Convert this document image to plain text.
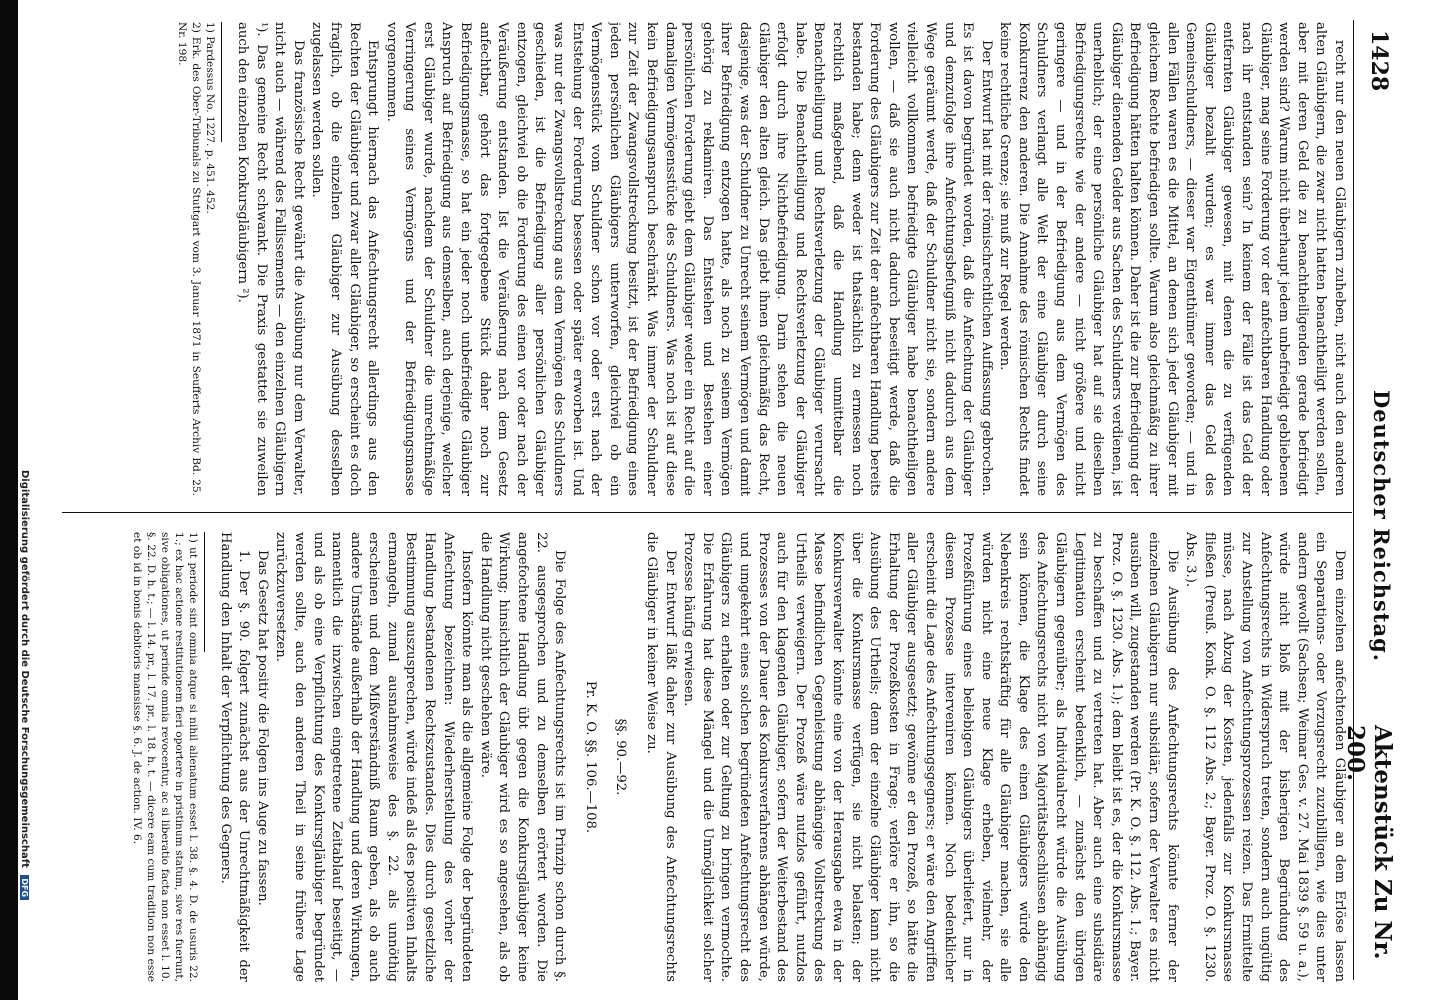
1428
Deutscher Reichstag.
Aktenstück Zu Nr. 200.

recht nur den neuen Gläubigern zuheben, nicht auch den anderen alten Gläubigern, die zwar nicht hatten benachtheiligt werden sollen, aber mit deren Geld die zu benachtheiligenden gerade befriedigt werden sind? Warum nicht überhaupt jedem unbefriedigt gebliebenen Gläubiger, mag seine Forderung vor der anfechtbaren Handlung oder nach ihr entstanden sein? In keinem der Fälle ist das Geld der entfernten Gläubiger gewesen, mit denen die zu verfügenden Gläubiger bezahlt wurden; es war immer das Geld des Gemeinschuldners, — dieser war Eigenthümer geworden; — und in allen Fällen waren es die Mittel, an denen sich jeder Gläubiger mit gleichem Rechte befriedigen sollte. Warum also gleichmäßig zu ihrer Befriedigung hätten halten können. Daher ist die zur Befriedigung der Gläubiger dienenden Gelder aus Sachen des Schuldners verdienen, ist unerheblich; der eine persönliche Gläubiger hat auf sie dieselben Befriedigungsrechte wie der andere — nicht größere und nicht geringere — und in der Befriedigung aus dem Vermögen des Schuldners verlangt alle Welt der eine Gläubiger durch seine Konkurrenz den anderen. Die Annahme des römischen Rechts findet keine rechtliche Grenze; sie muß zur Regel werden.

Der Entwurf hat mit der römischrechtlichen Auffassung gebrochen. Es ist davon begründet worden, daß die Anfechtung der Gläubiger und demzufolge ihre Anfechtungsbefugniß nicht dadurch aus dem Wege geräumt werde, daß der Schuldner nicht sie, sondern andere vielleicht vollkommen befriedigte Gläubiger habe benachtheiligen wollen, — daß sie auch nicht dadurch beseitigt werde, daß die Forderung des Gläubigers zur Zeit der anfechtbaren Handlung bereits bestanden habe; denn weder ist thatsächlich zu ermessen noch rechtlich maßgebend, daß die Handlung unmittelbar die Benachtheiligung und Rechtsverletzung der Gläubiger verursacht habe. Die Benachtheiligung und Rechtsverletzung der Gläubiger erfolgt durch ihre Nichtbefriedigung. Darin stehen die neuen Gläubiger den alten gleich. Das giebt ihnen gleichmäßig das Recht, dasjenige, was der Schuldner zu Unrecht seinem Vermögen und damit ihrer Befriedigung entzogen hatte, als noch zu seinem Vermögen gehörig zu reklamiren. Das Entstehen und Bestehen einer persönlichen Forderung giebt dem Gläubiger weder ein Recht auf die damaligen Vermögensstücke des Schuldners. Was noch ist auf diese kein Befriedigungsanspruch beschränkt. Was immer der Schuldner zur Zeit der Zwangsvollstreckung besitzt, ist der Befriedigung eines jeden persönlichen Gläubigers unterworfen, gleichviel ob ein Vermögensstück vom Schuldner schon vor oder erst nach der Entstehung der Forderung besessen oder später erworben ist. Und was nur der Zwangsvollstreckung aus dem Vermögen des Schuldners geschieden, ist die Befriedigung aller persönlichen Gläubiger entzogen, gleichviel ob die Forderung des einen vor oder nach der Veräußerung entstanden. Ist die Veräußerung nach dem Gesetz anfechtbar, gehört das fortgegebene Stück daher noch zur Befriedigungsmasse, so hat ein jeder noch unbefriedigte Gläubiger Anspruch auf Befriedigung aus demselben, auch derjenige, welcher erst Gläubiger wurde, nachdem der Schuldner die unrechtmäßige Verringerung seines Vermögens und der Befriedigungsmasse vorgenommen.

Entsprungt hiernach das Anfechtungsrecht allerdings aus den Rechten der Gläubiger und zwar aller Gläubiger, so erscheint es doch fraglich, ob die einzelnen Gläubiger zur Ausübung desselben zugelassen werden sollen.

Das französische Recht gewährt die Ausübung nur dem Verwalter, nicht auch — während des Fallissements — den einzelnen Gläubigern ¹). Das gemeine Recht schwankt. Die Praxis gestattet sie zuweilen auch den einzelnen Konkursgläubigern ²).

1) Pardessus No. 1227. p. 451. 452.

2) Erk. des Ober-Tribunals zu Stuttgart vom 3. Januar 1871 in Seufferts Archiv Bd. 25. Nr. 198.

Dem einzelnen anfechtenden Gläubiger an dem Erlöse lassen ein Separations- oder Vorzugsrecht zuzubilligen, wie dies unter andern gewollt (Sachsen; Weimar Ges. v. 27. Mai 1839 §. 59 u. a.), würde nicht bloß mit der bisherigen Begründung des Anfechtungsrechts in Widerspruch treten, sondern auch ungültig zur Anstellung von Anfechtungsprozessen reizen. Das Ermittelte müsse, nach Abzug der Kosten, jedenfalls zur Konkursmasse fließen (Preuß. Konk. O. §. 112 Abs. 2.; Bayer. Proz. O. §. 1230. Abs. 3.).

Die Ausübung des Anfechtungsrechts könnte ferner der einzelnen Gläubigern nur subsidiär, sofern der Verwalter es nicht ausüben will, zugestanden werden (Pr. K. O. §. 112. Abs. 1.; Bayer. Proz. O. §. 1230. Abs. 1.); dem bleibt ist es, der die Konkursmasse zu beschaffen und zu vertreten hat. Aber auch eine subsidiäre Legitimation erscheint bedenklich, — zunächst den übrigen Gläubigern gegenüber; als Individualrecht würde die Ausübung des Anfechtungsrechts nicht von Majoritätsbeschlüssen abhängig sein können, die Klage des einen Gläubigers würde den Nebenkreis rechtskräftig für alle Gläubiger machen, sie alle würden nicht eine neue Klage erheben, vielmehr, der Prozeßführung eines beliebigen Gläubigers überliefert, nur in diesem Prozesse interveniren können. Noch bedenklicher erscheint die Lage des Anfechtungsgegners; er wäre den Angriffen aller Gläubiger ausgesetzt; gewönne er den Prozeß, so hätte die Erhaltung der Prozeßkosten in Frage; verlöre er ihn, so die Ausübung des Urtheils; denn der einzelne Gläubiger kann nicht über die Konkursmasse verfügen, sie nicht belasten; der Konkursverwalter könnte eine von der Herausgabe etwa in der Masse befindlichen Gegenleistung abhängige Vollstreckung des Urtheils verweigern. Der Prozeß wäre nutzlos geführt, nutzlos auch für den klagenden Gläubiger, sofern der Weiterbestand des Prozesses von der Dauer des Konkursverfahrens abhängen würde, und umgekehrt eines solchen begründeten Anfechtungsrecht des Gläubigers zu erhalten oder zur Geltung zu bringen vermochte. Die Erfahrung hat diese Mängel und die Unmöglichkeit solcher Prozesse häufig erwiesen.

Der Entwurf läßt daher zur Ausübung des Anfechtungsrechts die Gläubiger in keiner Weise zu.

§§. 90.—92.

Pr. K. O. §§. 106.—108.

Die Folge des Anfechtungsrechts ist im Prinzip schon durch §. 22. ausgesprochen und zu demselben erörtert worden. Die angefochtene Handlung übt gegen die Konkursgläubiger keine Wirkung; hinsichtlich der Gläubiger wird es so angesehen, als ob die Handlung nicht geschehen wäre.

Insofern könnte man als die allgemeine Folge der begründeten Anfechtung bezeichnen: Wiederherstellung des vorher der Handlung bestandenen Rechtszustandes. Dies durch gesetzliche Bestimmung auszusprechen, würde indeß als des positiven Inhalts ermangeln, zumal ausnahmsweise des §. 22. als unnöthig erscheinen und dem Mißverständniß Raum geben, als ob auch andere Umstände außerhalb der Handlung und deren Wirkungen, namentlich die inzwischen eingetretene Zeitablauf beseitigt, — und als ob eine Verpflichtung des Konkursgläubiger begründet werden sollte, auch den anderen Theil in seine frühere Lage zurückzuversetzen.

Das Gesetz hat positiv die Folgen ins Auge zu fassen.

1. Der §. 90. folgert zunächst aus der Unrechtmäßigkeit der Handlung den Inhalt der Verpflichtung des Gegners.

1) ut periode sint omnia atque si nihil alienatum esset l. 38. §. 4. D. de usuris 22. 1.; ex hac actione restitutionem fieri oportere in pristinum statum, sive res fuerunt, sive obligationes, ut perinde omnia revocentur, ac si liberatio facta non esset l. 10. §. 22. D. h. t.; — l. 14. pr., l. 17. pr., l. 18. h. t. — dicere eam cum tradition non esse et ob id in bonis debitoris mansisse §. 6. J. de action. IV. 6.

Digitalisierung gefördert durch die Deutsche Forschungsgemeinschaft DFG
